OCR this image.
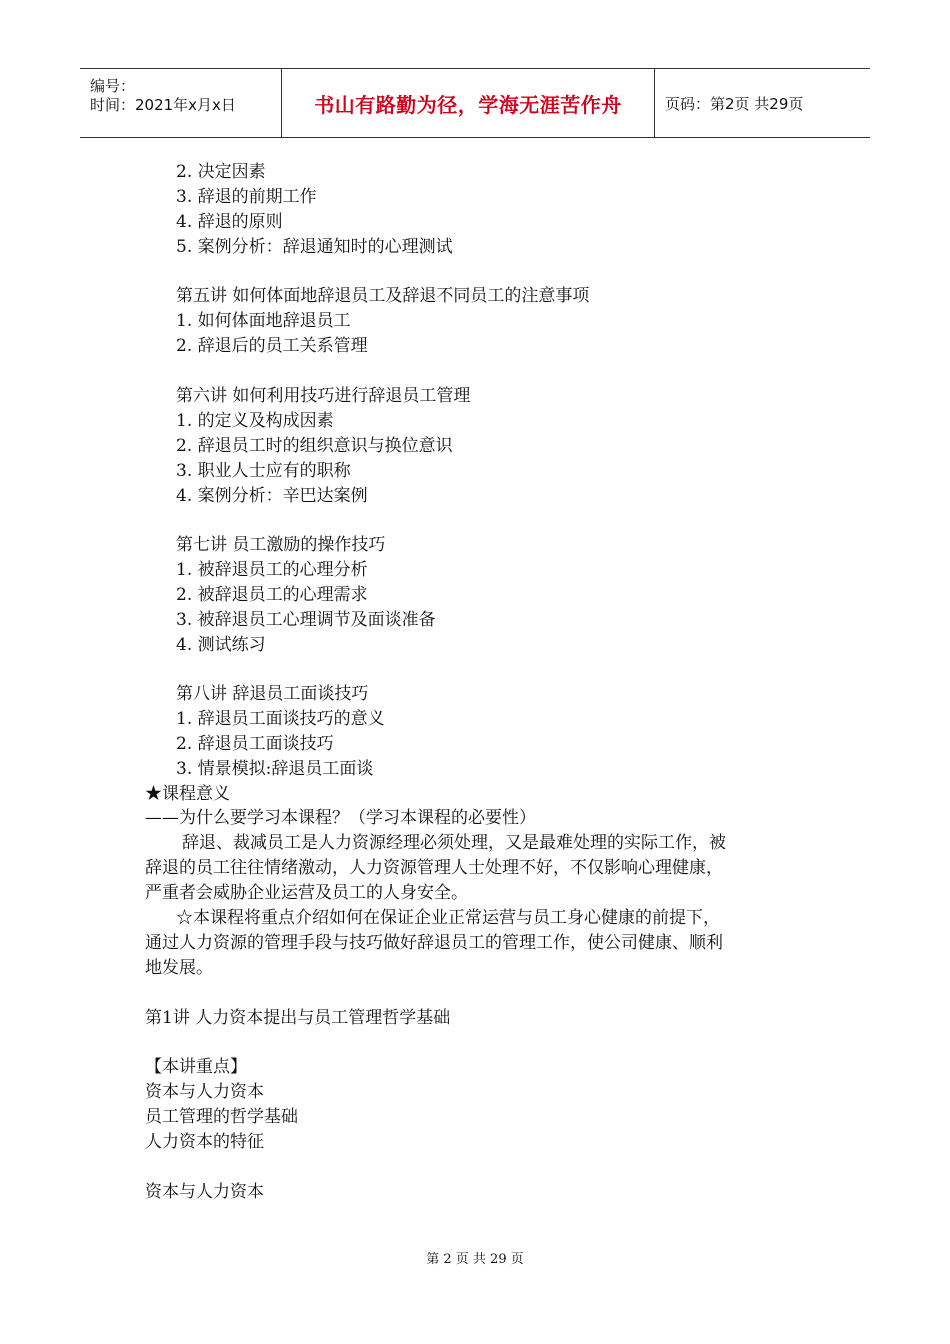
编号：
时间：2021年x月x日	书山有路勤为径，学海无涯苦作舟	页码：第2页 共29页
2. 决定因素
3. 辞退的前期工作
4. 辞退的原则
5. 案例分析：辞退通知时的心理测试
第五讲 如何体面地辞退员工及辞退不同员工的注意事项
1. 如何体面地辞退员工
2. 辞退后的员工关系管理
第六讲 如何利用技巧进行辞退员工管理
1. 的定义及构成因素
2. 辞退员工时的组织意识与换位意识
3. 职业人士应有的职称
4. 案例分析：辛巴达案例
第七讲 员工激励的操作技巧
1. 被辞退员工的心理分析
2. 被辞退员工的心理需求
3. 被辞退员工心理调节及面谈准备
4. 测试练习
第八讲 辞退员工面谈技巧
1. 辞退员工面谈技巧的意义
2. 辞退员工面谈技巧
3. 情景模拟:辞退员工面谈
★课程意义
——为什么要学习本课程？（学习本课程的必要性）
辞退、裁减员工是人力资源经理必须处理，又是最难处理的实际工作，被
辞退的员工往往情绪激动，人力资源管理人士处理不好，不仅影响心理健康，
严重者会威胁企业运营及员工的人身安全。
☆本课程将重点介绍如何在保证企业正常运营与员工身心健康的前提下，
通过人力资源的管理手段与技巧做好辞退员工的管理工作，使公司健康、顺利
地发展。
第1讲 人力资本提出与员工管理哲学基础
【本讲重点】
资本与人力资本
员工管理的哲学基础
人力资本的特征
资本与人力资本
第 2 页 共 29 页
